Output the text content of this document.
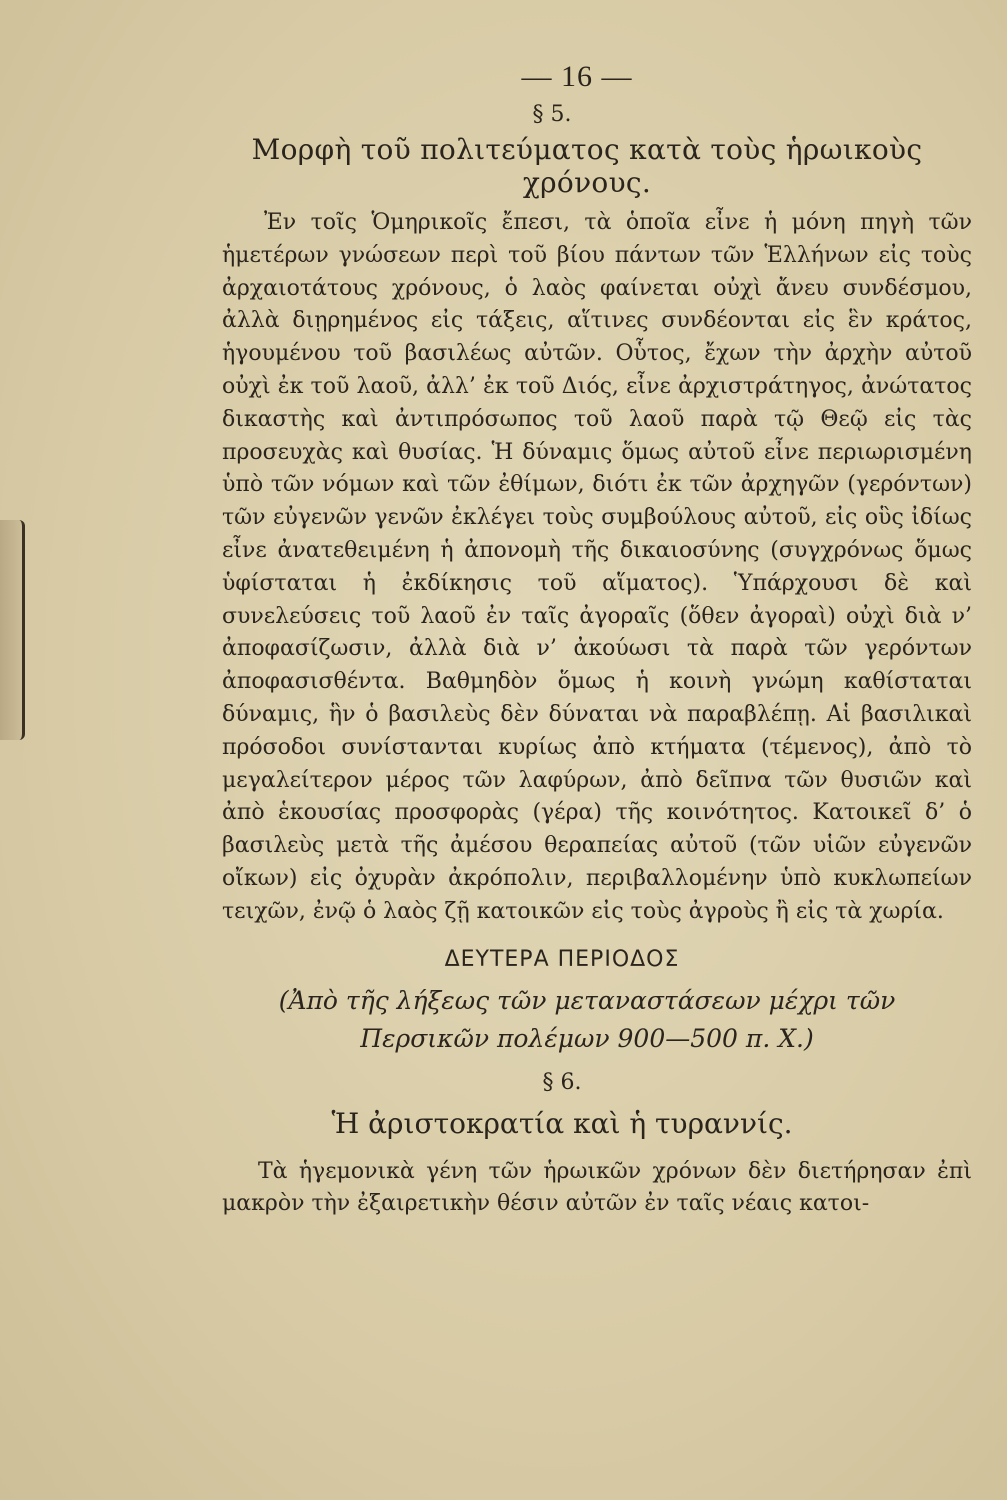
— 16 —
§ 5.
Μορφὴ τοῦ πολιτεύματος κατὰ τοὺς ἡρωικοὺς χρόνους.

Ἐν τοῖς Ὁμηρικοῖς ἔπεσι, τὰ ὁποῖα εἶνε ἡ μόνη πηγὴ τῶν ἡμετέρων γνώσεων περὶ τοῦ βίου πάντων τῶν Ἑλλήνων εἰς τοὺς ἀρχαιοτάτους χρόνους, ὁ λαὸς φαίνεται οὐχὶ ἄνευ συνδέσμου, ἀλλὰ διῃρημένος εἰς τάξεις, αἵτινες συνδέονται εἰς ἓν κράτος, ἡγουμένου τοῦ βασιλέως αὐτῶν. Οὗτος, ἔχων τὴν ἀρχὴν αὐτοῦ οὐχὶ ἐκ τοῦ λαοῦ, ἀλλ’ ἐκ τοῦ Διός, εἶνε ἀρχιστράτηγος, ἀνώτατος δικαστὴς καὶ ἀντιπρόσωπος τοῦ λαοῦ παρὰ τῷ Θεῷ εἰς τὰς προσευχὰς καὶ θυσίας. Ἡ δύναμις ὅμως αὐτοῦ εἶνε περιωρισμένη ὑπὸ τῶν νόμων καὶ τῶν ἐθίμων, διότι ἐκ τῶν ἀρχηγῶν (γερόντων) τῶν εὐγενῶν γενῶν ἐκλέγει τοὺς συμβούλους αὐτοῦ, εἰς οὓς ἰδίως εἶνε ἀνατεθειμένη ἡ ἀπονομὴ τῆς δικαιοσύνης (συγχρόνως ὅμως ὑφίσταται ἡ ἐκδίκησις τοῦ αἵματος). Ὑπάρχουσι δὲ καὶ συνελεύσεις τοῦ λαοῦ ἐν ταῖς ἀγοραῖς (ὅθεν ἀγοραὶ) οὐχὶ διὰ ν’ ἀποφασίζωσιν, ἀλλὰ διὰ ν’ ἀκούωσι τὰ παρὰ τῶν γερόντων ἀποφασισθέντα. Βαθμηδὸν ὅμως ἡ κοινὴ γνώμη καθίσταται δύναμις, ἣν ὁ βασιλεὺς δὲν δύναται νὰ παραβλέπῃ. Αἱ βασιλικαὶ πρόσοδοι συνίστανται κυρίως ἀπὸ κτήματα (τέμενος), ἀπὸ τὸ μεγαλείτερον μέρος τῶν λαφύρων, ἀπὸ δεῖπνα τῶν θυσιῶν καὶ ἀπὸ ἑκουσίας προσφορὰς (γέρα) τῆς κοινότητος. Κατοικεῖ δ’ ὁ βασιλεὺς μετὰ τῆς ἀμέσου θεραπείας αὐτοῦ (τῶν υἱῶν εὐγενῶν οἴκων) εἰς ὀχυρὰν ἀκρόπολιν, περιβαλλομένην ὑπὸ κυκλωπείων τειχῶν, ἐνῷ ὁ λαὸς ζῇ κατοικῶν εἰς τοὺς ἀγροὺς ἢ εἰς τὰ χωρία.

ΔΕΥΤΕΡΑ ΠΕΡΙΟΔΟΣ
(Ἀπὸ τῆς λήξεως τῶν μεταναστάσεων μέχρι τῶν Περσικῶν πολέμων 900—500 π. Χ.)
§ 6.
Ἡ ἀριστοκρατία καὶ ἡ τυραννίς.

Τὰ ἡγεμονικὰ γένη τῶν ἡρωικῶν χρόνων δὲν διετήρησαν ἐπὶ μακρὸν τὴν ἐξαιρετικὴν θέσιν αὐτῶν ἐν ταῖς νέαις κατοι-
